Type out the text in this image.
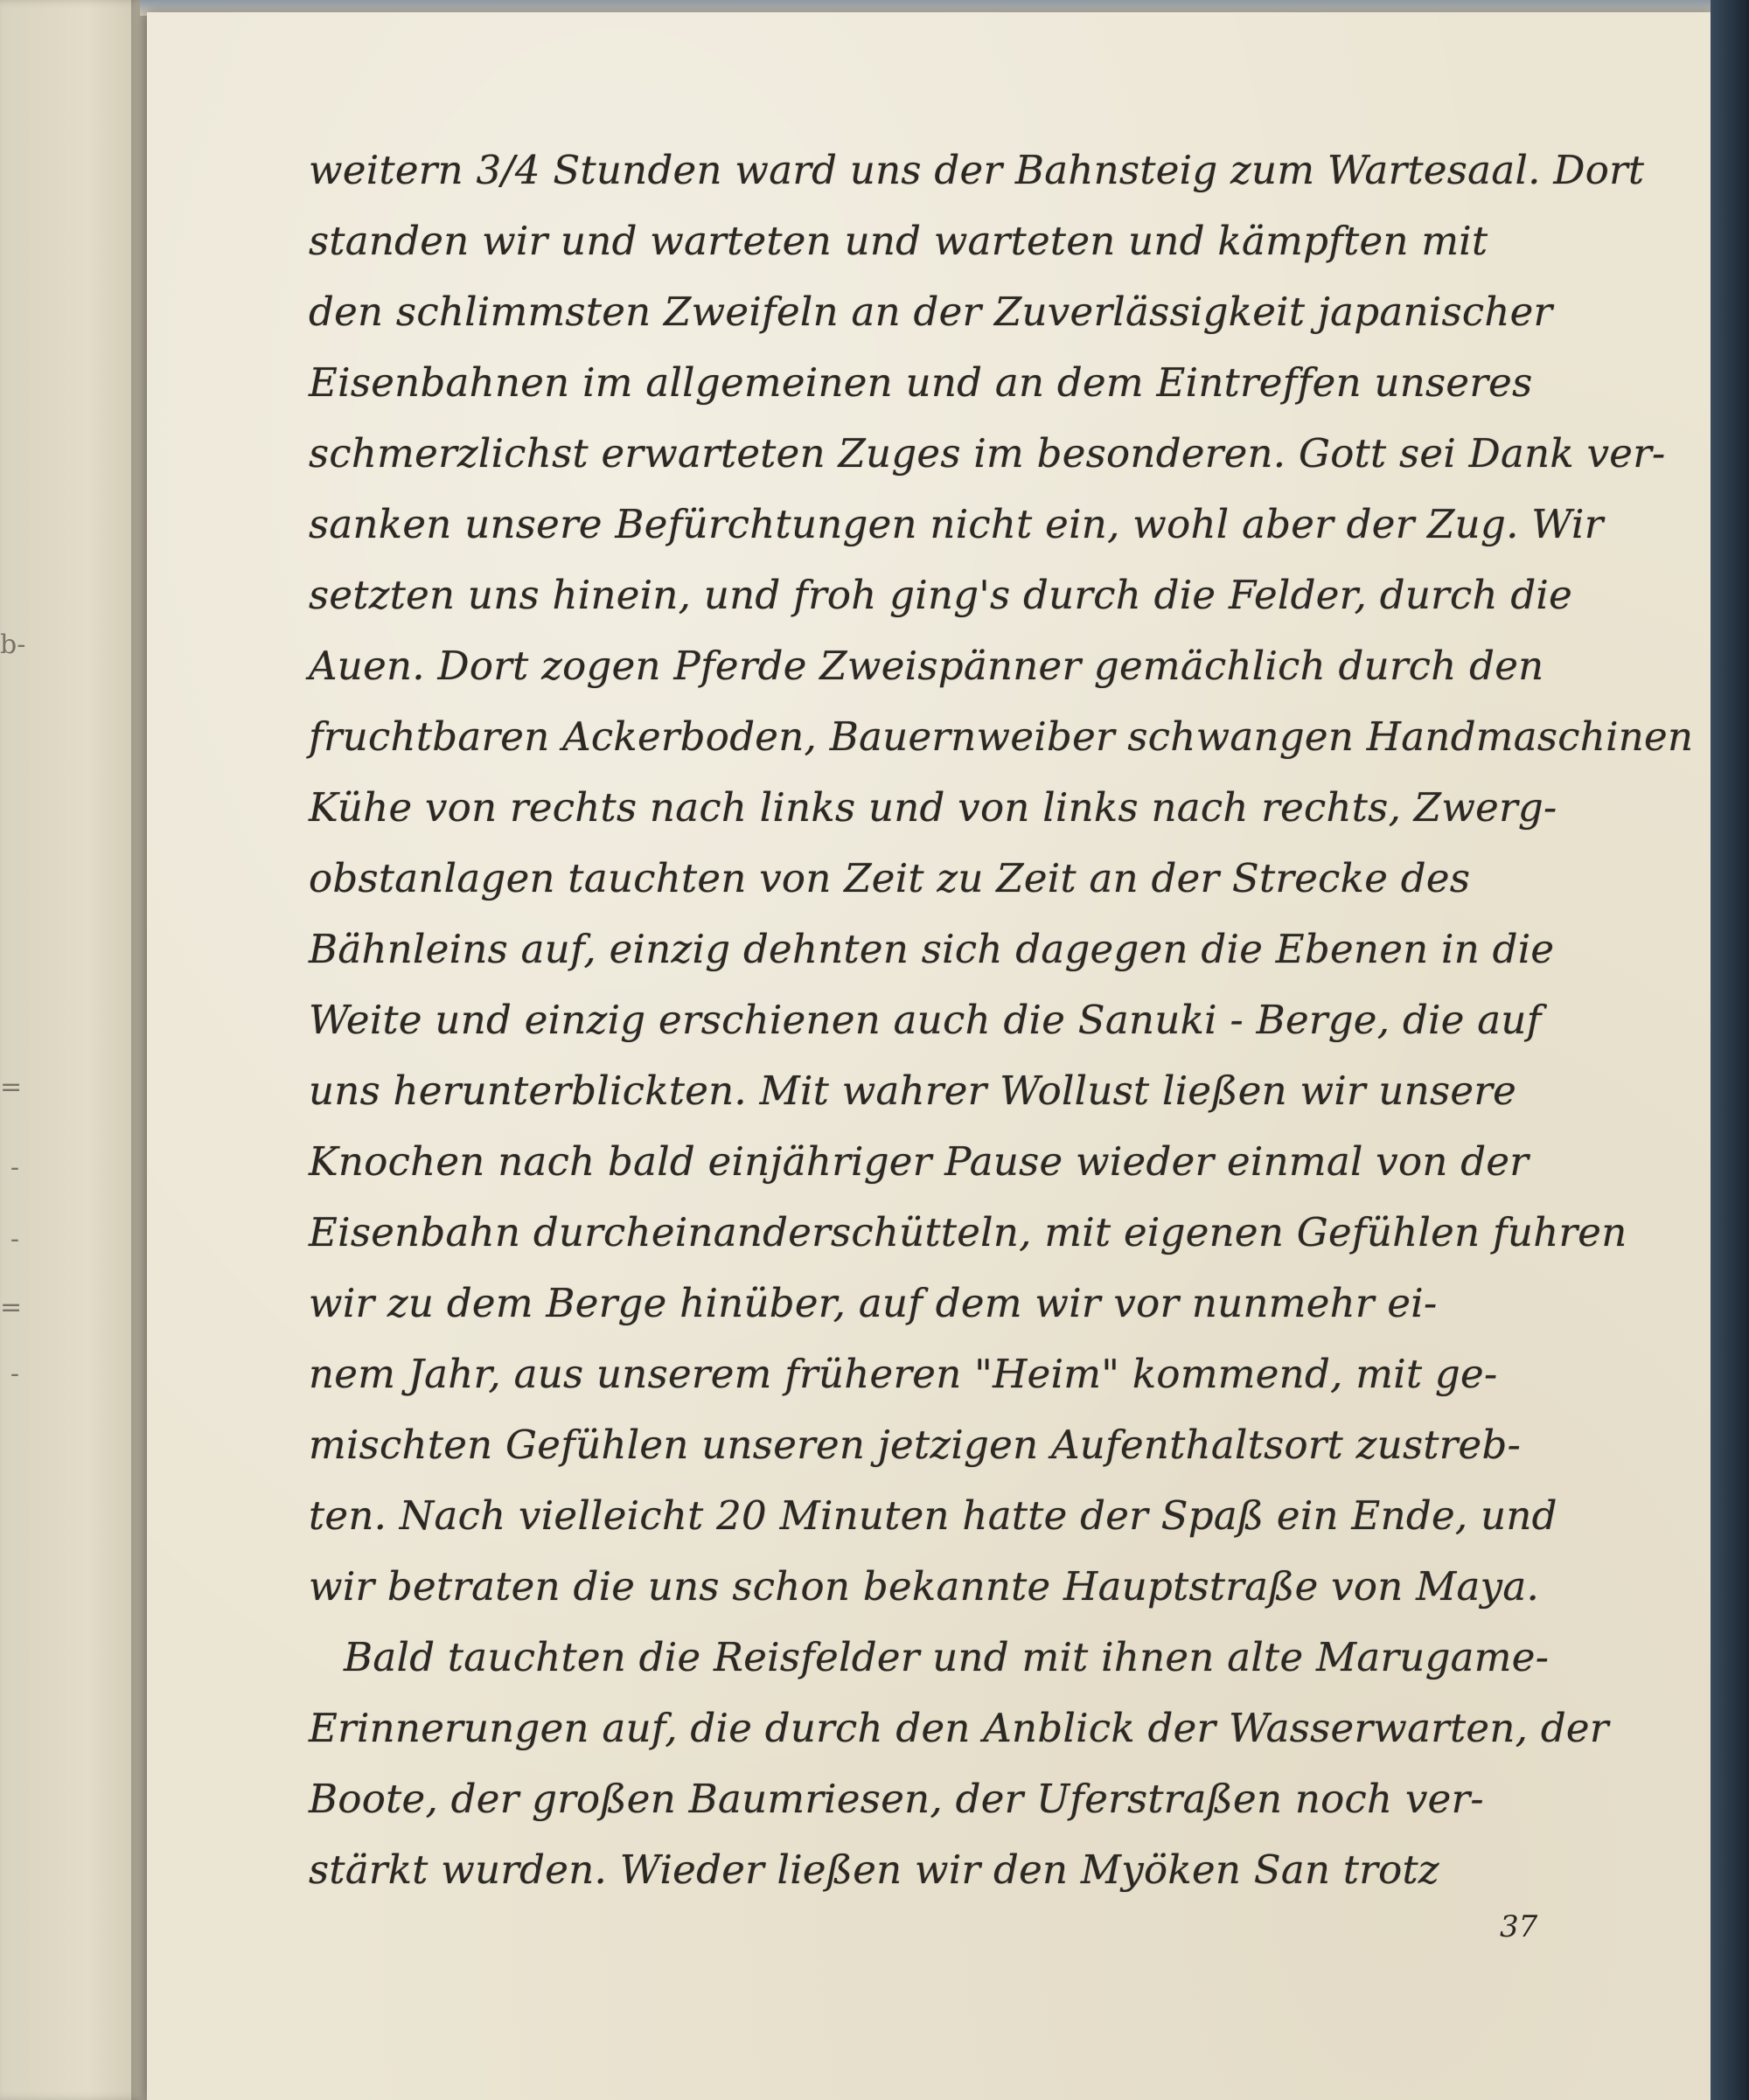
b-
=
-
-
=
-
weitern 3/4 Stunden ward uns der Bahnsteig zum Wartesaal. Dort
standen wir und warteten und warteten und kämpften mit
den schlimmsten Zweifeln an der Zuverlässigkeit japanischer
Eisenbahnen im allgemeinen und an dem Eintreffen unseres
schmerzlichst erwarteten Zuges im besonderen. Gott sei Dank ver-
sanken unsere Befürchtungen nicht ein, wohl aber der Zug. Wir
setzten uns hinein, und froh ging's durch die Felder, durch die
Auen. Dort zogen Pferde Zweispänner gemächlich durch den
fruchtbaren Ackerboden, Bauernweiber schwangen Handmaschinen
Kühe von rechts nach links und von links nach rechts, Zwerg-
obstanlagen tauchten von Zeit zu Zeit an der Strecke des
Bähnleins auf, einzig dehnten sich dagegen die Ebenen in die
Weite und einzig erschienen auch die Sanuki - Berge, die auf
uns herunterblickten. Mit wahrer Wollust ließen wir unsere
Knochen nach bald einjähriger Pause wieder einmal von der
Eisenbahn durcheinanderschütteln, mit eigenen Gefühlen fuhren
wir zu dem Berge hinüber, auf dem wir vor nunmehr ei-
nem Jahr, aus unserem früheren "Heim" kommend, mit ge-
mischten Gefühlen unseren jetzigen Aufenthaltsort zustreb-
ten. Nach vielleicht 20 Minuten hatte der Spaß ein Ende, und
wir betraten die uns schon bekannte Hauptstraße von Maya.
Bald tauchten die Reisfelder und mit ihnen alte Marugame-
Erinnerungen auf, die durch den Anblick der Wasserwarten, der
Boote, der großen Baumriesen, der Uferstraßen noch ver-
stärkt wurden. Wieder ließen wir den Myöken San trotz
37
